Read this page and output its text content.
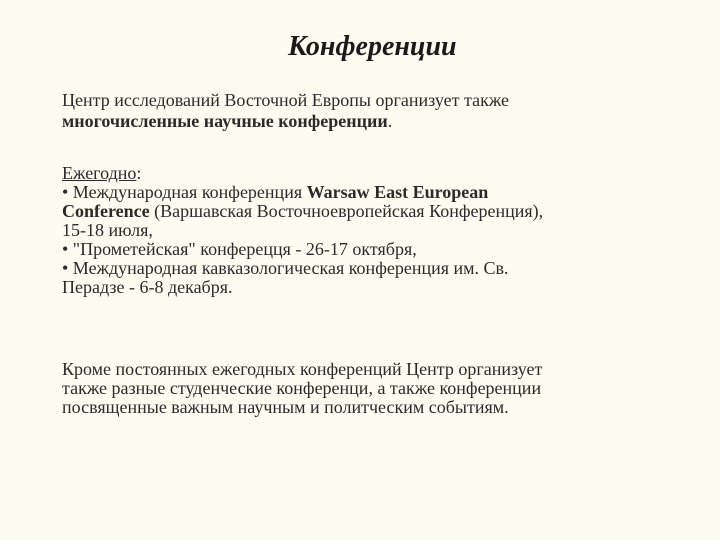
Конференции
Центр исследований Восточной Европы организует также
многочисленные научные конференции.
Ежегодно:
• Международная конференция Warsaw East European
Conference (Варшавская Восточноевропейская Конференция),
15-18 июля,
• "Прометейская" конферецця - 26-17 октября,
• Международная кавказологическая конференция им. Св.
Перадзе - 6-8 декабря.
Кроме постоянных ежегодных конференций Центр организует
также разные студенческие конференци, а также конференции
посвященные важным научным и политческим событиям.
